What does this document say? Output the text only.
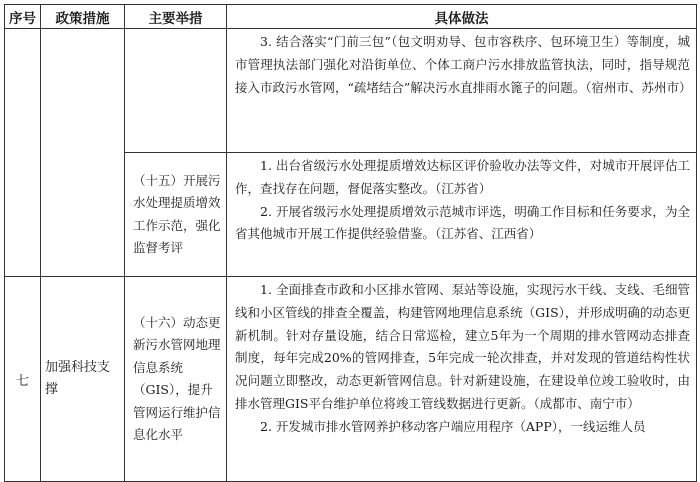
序号	政策措施	主要举措	具体做法

			3. 结合落实“门前三包”（包文明劝导、包市容秩序、包环境卫生）等制度，城市管理执法部门强化对沿街单位、个体工商户污水排放监管执法，同时，指导规范接入市政污水管网，“疏堵结合”解决污水直排雨水篦子的问题。（宿州市、苏州市）

		（十五）开展污水处理提质增效工作示范，强化监督考评	1. 出台省级污水处理提质增效达标区评价验收办法等文件，对城市开展评估工作，查找存在问题，督促落实整改。（江苏省）

2. 开展省级污水处理提质增效示范城市评选，明确工作目标和任务要求，为全省其他城市开展工作提供经验借鉴。（江苏省、江西省）

七	加强科技支撑	（十六）动态更新污水管网地理信息系统（GIS），提升管网运行维护信息化水平	1. 全面排查市政和小区排水管网、泵站等设施，实现污水干线、支线、毛细管线和小区管线的排查全覆盖，构建管网地理信息系统（GIS），并形成明确的动态更新机制。针对存量设施，结合日常巡检，建立5年为一个周期的排水管网动态排查制度，每年完成20%的管网排查，5年完成一轮次排查，并对发现的管道结构性状况问题立即整改，动态更新管网信息。针对新建设施，在建设单位竣工验收时，由排水管理GIS平台维护单位将竣工管线数据进行更新。（成都市、南宁市）

2. 开发城市排水管网养护移动客户端应用程序（APP），一线运维人员
